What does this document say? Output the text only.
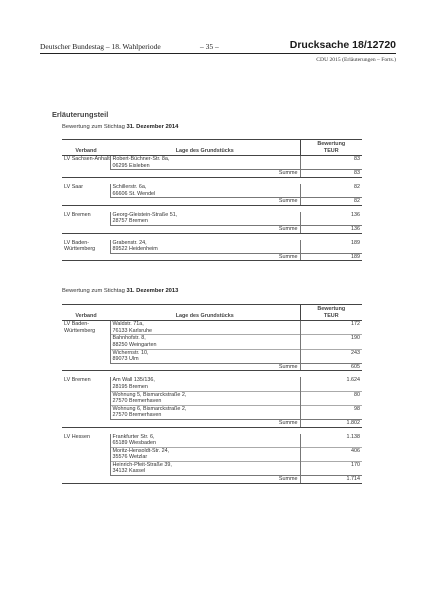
Deutscher Bundestag – 18. Wahlperiode	– 35 –	Drucksache 18/12720
CDU 2015 (Erläuterungen – Forts.)
Erläuterungsteil
Bewertung zum Stichtag 31. Dezember 2014
Verband	Lage des Grundstücks	Bewertung
TEUR

LV Sachsen-Anhalt	Robert-Büchner-Str. 8a,
06295 Eisleben	83
	Summe	83

LV Saar	Schillerstr. 6a,
66606 St. Wendel	82
	Summe	82

LV Bremen	Georg-Gleistein-Straße 51,
28757 Bremen	136
	Summe	136

LV Baden-
Württemberg	Grabenstr. 24,
89522 Heidenheim	189
	Summe	189
Bewertung zum Stichtag 31. Dezember 2013
Verband	Lage des Grundstücks	Bewertung
TEUR

LV Baden-
Württemberg	Waldstr. 71a,
76133 Karlsruhe	172

	Bahnhofstr. 8,
88250 Weingarten	190

	Wichernstr. 10,
89073 Ulm	243
	Summe	605

LV Bremen	Am Wall 135/136,
28195 Bremen	1.624

	Wohnung 5, Bismarckstraße 2,
27570 Bremerhaven	80

	Wohnung 6, Bismarckstraße 2,
27570 Bremerhaven	98
	Summe	1.802

LV Hessen	Frankfurter Str. 6,
65189 Wiesbaden	1.138

	Moritz-Hensoldt-Str. 24,
35576 Wetzlar	406

	Heinrich-Pfeit-Straße 39,
34132 Kassel	170
	Summe	1.714
